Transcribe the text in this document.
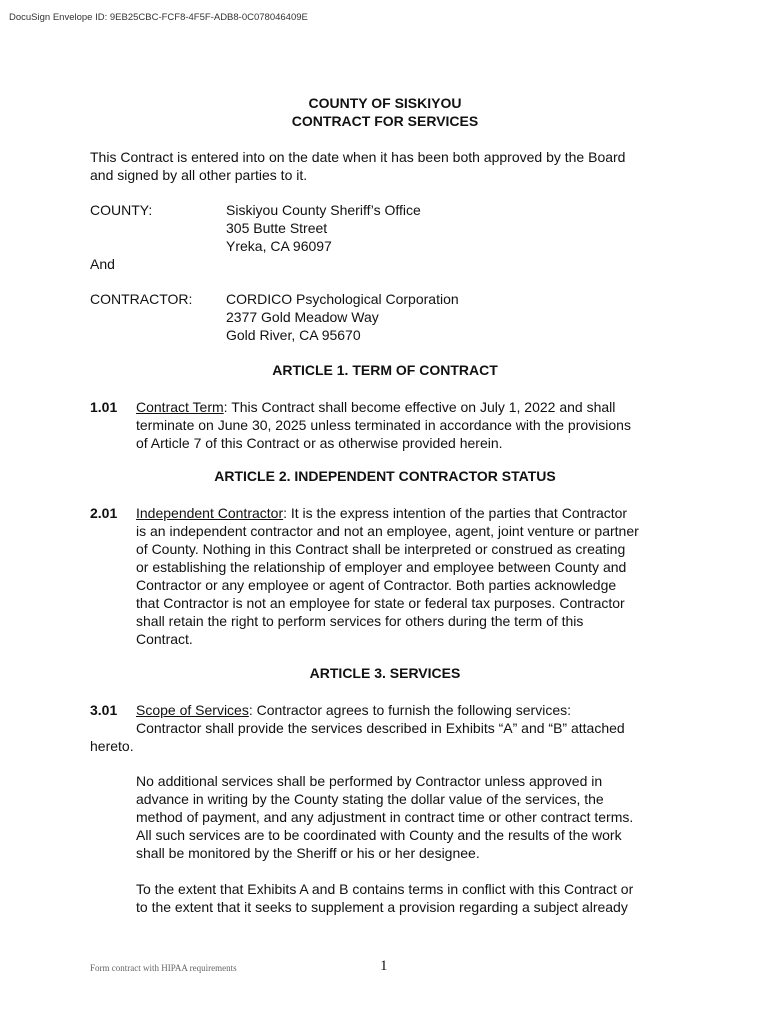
DocuSign Envelope ID: 9EB25CBC-FCF8-4F5F-ADB8-0C078046409E
COUNTY OF SISKIYOU
CONTRACT FOR SERVICES
This Contract is entered into on the date when it has been both approved by the Board
and signed by all other parties to it.
COUNTY:	Siskiyou County Sheriff’s Office
305 Butte Street
Yreka, CA 96097
And
CONTRACTOR: CORDICO Psychological Corporation
2377 Gold Meadow Way
Gold River, CA 95670
ARTICLE 1. TERM OF CONTRACT
1.01 Contract Term: This Contract shall become effective on July 1, 2022 and shall
terminate on June 30, 2025 unless terminated in accordance with the provisions
of Article 7 of this Contract or as otherwise provided herein.
ARTICLE 2. INDEPENDENT CONTRACTOR STATUS
2.01 Independent Contractor: It is the express intention of the parties that Contractor
is an independent contractor and not an employee, agent, joint venture or partner
of County. Nothing in this Contract shall be interpreted or construed as creating
or establishing the relationship of employer and employee between County and
Contractor or any employee or agent of Contractor. Both parties acknowledge
that Contractor is not an employee for state or federal tax purposes. Contractor
shall retain the right to perform services for others during the term of this
Contract.
ARTICLE 3. SERVICES
3.01 Scope of Services: Contractor agrees to furnish the following services:
Contractor shall provide the services described in Exhibits “A” and “B” attached
hereto.
No additional services shall be performed by Contractor unless approved in
advance in writing by the County stating the dollar value of the services, the
method of payment, and any adjustment in contract time or other contract terms.
All such services are to be coordinated with County and the results of the work
shall be monitored by the Sheriff or his or her designee.
To the extent that Exhibits A and B contains terms in conflict with this Contract or
to the extent that it seeks to supplement a provision regarding a subject already
Form contract with HIPAA requirements	1
